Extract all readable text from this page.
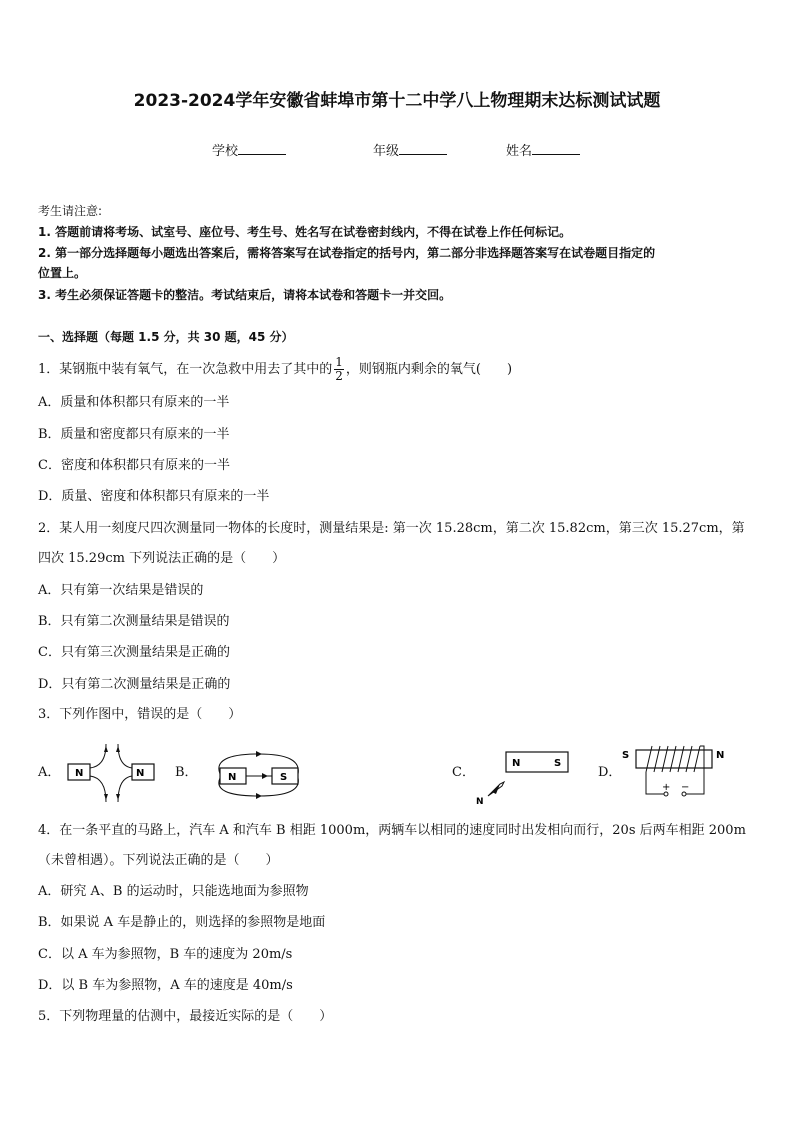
2023-2024学年安徽省蚌埠市第十二中学八上物理期末达标测试试题
学校	年级	姓名
考生请注意:
1. 答题前请将考场、试室号、座位号、考生号、姓名写在试卷密封线内，不得在试卷上作任何标记。
2. 第一部分选择题每小题选出答案后，需将答案写在试卷指定的括号内，第二部分非选择题答案写在试卷题目指定的
位置上。
3. 考生必须保证答题卡的整洁。考试结束后，请将本试卷和答题卡一并交回。
一、选择题（每题 1.5 分，共 30 题，45 分）
1．某钢瓶中装有氧气，在一次急救中用去了其中的 $\frac{1}{2}$ ，则钢瓶内剩余的氧气(　　)
A．质量和体积都只有原来的一半
B．质量和密度都只有原来的一半
C．密度和体积都只有原来的一半
D．质量、密度和体积都只有原来的一半
2．某人用一刻度尺四次测量同一物体的长度时，测量结果是: 第一次 15.28cm，第二次 15.82cm，第三次 15.27cm，第
四次 15.29cm 下列说法正确的是（　　）
A．只有第一次结果是错误的
B．只有第二次测量结果是错误的
C．只有第三次测量结果是正确的
D．只有第二次测量结果是正确的
3．下列作图中，错误的是（　　）
A．	N	N B．	N	S	C．
N	S
N
D．
S	N
+ −
4．在一条平直的马路上，汽车 A 和汽车 B 相距 1000m，两辆车以相同的速度同时出发相向而行，20s 后两车相距 200m
（未曾相遇）。下列说法正确的是（　　）
A．研究 A、B 的运动时，只能选地面为参照物
B．如果说 A 车是静止的，则选择的参照物是地面
C．以 A 车为参照物，B 车的速度为 20m/s
D．以 B 车为参照物，A 车的速度是 40m/s
5．下列物理量的估测中，最接近实际的是（　　）
